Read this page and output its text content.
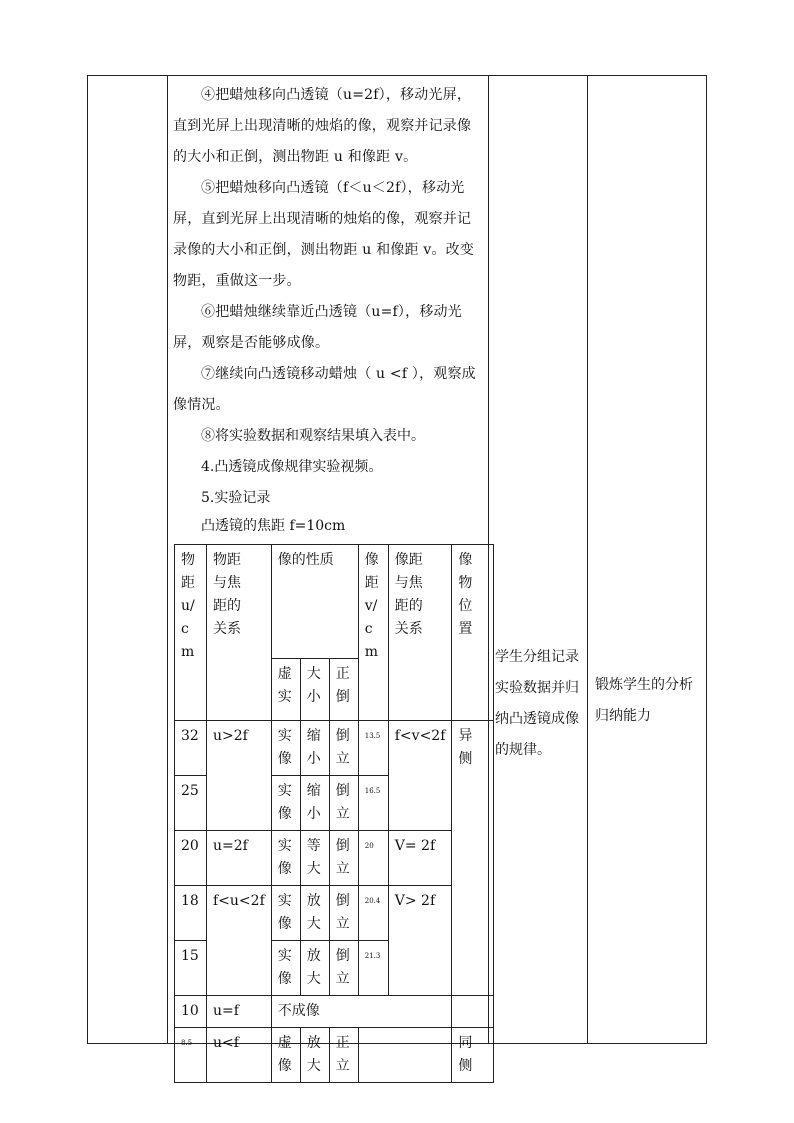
④把蜡烛移向凸透镜（u=2f），移动光屏，直到光屏上出现清晰的烛焰的像，观察并记录像的大小和正倒，测出物距 u 和像距 v。

⑤把蜡烛移向凸透镜（f＜u＜2f），移动光屏，直到光屏上出现清晰的烛焰的像，观察并记录像的大小和正倒，测出物距 u 和像距 v。改变物距，重做这一步。

⑥把蜡烛继续靠近凸透镜（u=f），移动光屏，观察是否能够成像。

⑦继续向凸透镜移动蜡烛（ u <f ），观察成像情况。

⑧将实验数据和观察结果填入表中。
4.凸透镜成像规律实验视频。
5.实验记录
凸透镜的焦距 f=10cm
物距u/cm	物距与焦距的关系	像的性质			像距v/cm	像距与焦距的关系	像物位置

		虚实	大小	正倒			

32	u>2f	实像	缩小	倒立	13.5	f<v<2f	异侧

25		实像	缩小	倒立	16.5		
20	u=2f	实像	等大	倒立	20	V= 2f	
18	f<u<2f	实像	放大	倒立	20.4	V> 2f	
15		实像	放大	倒立	21.3		
10	u=f	不成像					
8.5	u<f	虚像	放大	正立			同侧
学生分组记录实验数据并归纳凸透镜成像的规律。
锻炼学生的分析归纳能力
